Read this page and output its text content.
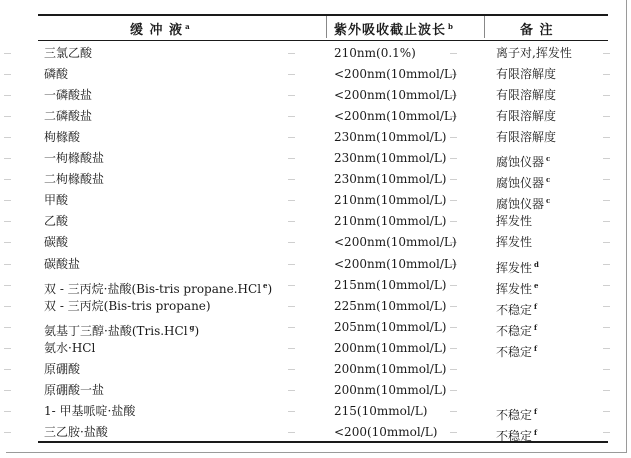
缓 冲 液 $^a$	紫外吸收截止波长 $^b$	备 注
三氯乙酸	210nm(0.1%)	离子对,挥发性
磷酸	<200nm(10mmol/L)	有限溶解度
一磷酸盐	<200nm(10mmol/L)	有限溶解度
二磷酸盐	<200nm(10mmol/L)	有限溶解度
枸橼酸	230nm(10mmol/L)	有限溶解度
一枸橼酸盐	230nm(10mmol/L)	腐蚀仪器 $^c$
二枸橼酸盐	230nm(10mmol/L)	腐蚀仪器 $^c$
甲酸	210nm(10mmol/L)	腐蚀仪器 $^c$
乙酸	210nm(10mmol/L)	挥发性
碳酸	<200nm(10mmol/L)	挥发性
碳酸盐	<200nm(10mmol/L)	挥发性 $^d$
双 - 三丙烷·盐酸(Bis-tris propane.HCl $^e$)	215nm(10mmol/L)	挥发性 $^e$
双 - 三丙烷(Bis-tris propane)	225nm(10mmol/L)	不稳定 $^f$
氨基丁三醇·盐酸(Tris.HCl $^g$)	205nm(10mmol/L)	不稳定 $^f$
氨水·HCl	200nm(10mmol/L)	不稳定 $^f$
原硼酸	200nm(10mmol/L)
原硼酸一盐	200nm(10mmol/L)
1- 甲基哌啶·盐酸	215(10mmol/L)	不稳定 $^f$
三乙胺·盐酸	<200(10mmol/L)	不稳定 $^f$
